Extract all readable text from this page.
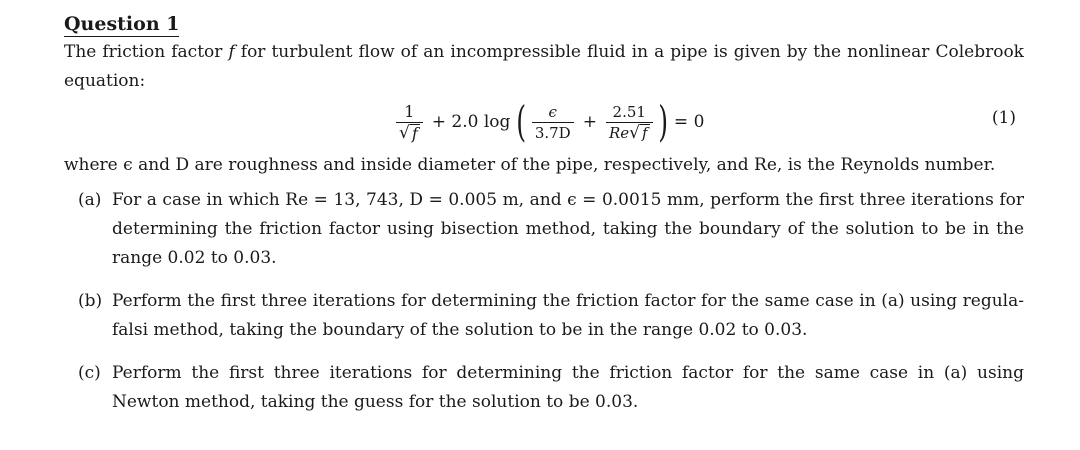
Question 1
The friction factor 𝑓 for turbulent flow of an incompressible fluid in a pipe is given by the nonlinear Colebrook equation:
$\frac{1}{√ f} + 2.0$ log ( $\frac{\epsilon}{3.7D} + \frac{2.51}{Re √ f}$ ) = 0	(1)
where ϵ and D are roughness and inside diameter of the pipe, respectively, and Re, is the Reynolds number.
(a) For a case in which Re = 13, 743, D = 0.005 m, and ϵ = 0.0015 mm, perform the first three iterations for determining the friction factor using bisection method, taking the boundary of the solution to be in the range 0.02 to 0.03.
(b) Perform the first three iterations for determining the friction factor for the same case in (a) using regula-falsi method, taking the boundary of the solution to be in the range 0.02 to 0.03.
(c) Perform the first three iterations for determining the friction factor for the same case in (a) using Newton method, taking the guess for the solution to be 0.03.
